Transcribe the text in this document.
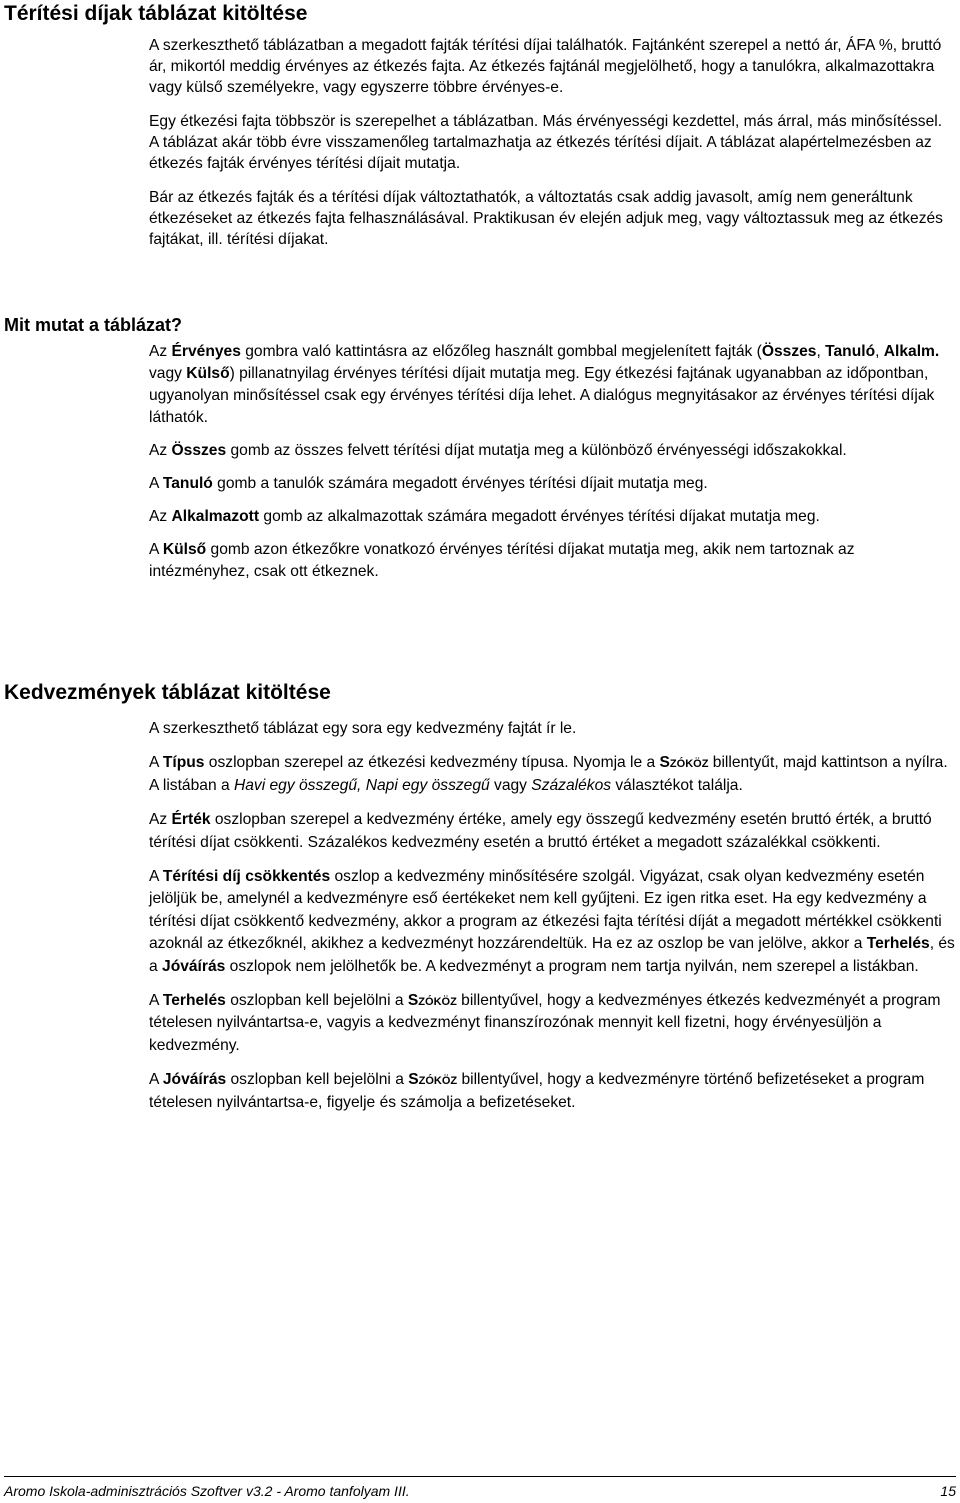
Térítési díjak táblázat kitöltése

A szerkeszthető táblázatban a megadott fajták térítési díjai találhatók. Fajtánként szerepel a nettó ár, ÁFA %, bruttó ár, mikortól meddig érvényes az étkezés fajta. Az étkezés fajtánál megjelölhető, hogy a tanulókra, alkalmazottakra vagy külső személyekre, vagy egyszerre többre érvényes-e.

Egy étkezési fajta többször is szerepelhet a táblázatban. Más érvényességi kezdettel, más árral, más minősítéssel. A táblázat akár több évre visszamenőleg tartalmazhatja az étkezés térítési díjait. A táblázat alapértelmezésben az étkezés fajták érvényes térítési díjait mutatja.

Bár az étkezés fajták és a térítési díjak változtathatók, a változtatás csak addig javasolt, amíg nem generáltunk étkezéseket az étkezés fajta felhasználásával. Praktikusan év elején adjuk meg, vagy változtassuk meg az étkezés fajtákat, ill. térítési díjakat.

Mit mutat a táblázat?

Az Érvényes gombra való kattintásra az előzőleg használt gombbal megjelenített fajták (Összes, Tanuló, Alkalm. vagy Külső) pillanatnyilag érvényes térítési díjait mutatja meg. Egy étkezési fajtának ugyanabban az időpontban, ugyanolyan minősítéssel csak egy érvényes térítési díja lehet. A dialógus megnyitásakor az érvényes térítési díjak láthatók.

Az Összes gomb az összes felvett térítési díjat mutatja meg a különböző érvényességi időszakokkal.

A Tanuló gomb a tanulók számára megadott érvényes térítési díjait mutatja meg.

Az Alkalmazott gomb az alkalmazottak számára megadott érvényes térítési díjakat mutatja meg.

A Külső gomb azon étkezőkre vonatkozó érvényes térítési díjakat mutatja meg, akik nem tartoznak az intézményhez, csak ott étkeznek.

Kedvezmények táblázat kitöltése

A szerkeszthető táblázat egy sora egy kedvezmény fajtát ír le.

A Típus oszlopban szerepel az étkezési kedvezmény típusa. Nyomja le a Szóköz billentyűt, majd kattintson a nyílra. A listában a Havi egy összegű, Napi egy összegű vagy Százalékos választékot találja.

Az Érték oszlopban szerepel a kedvezmény értéke, amely egy összegű kedvezmény esetén bruttó érték, a bruttó térítési díjat csökkenti. Százalékos kedvezmény esetén a bruttó értéket a megadott százalékkal csökkenti.

A Térítési díj csökkentés oszlop a kedvezmény minősítésére szolgál. Vigyázat, csak olyan kedvezmény esetén jelöljük be, amelynél a kedvezményre eső éertékeket nem kell gyűjteni. Ez igen ritka eset. Ha egy kedvezmény a térítési díjat csökkentő kedvezmény, akkor a program az étkezési fajta térítési díját a megadott mértékkel csökkenti azoknál az étkezőknél, akikhez a kedvezményt hozzárendeltük. Ha ez az oszlop be van jelölve, akkor a Terhelés, és a Jóváírás oszlopok nem jelölhetők be. A kedvezményt a program nem tartja nyilván, nem szerepel a listákban.

A Terhelés oszlopban kell bejelölni a Szóköz billentyűvel, hogy a kedvezményes étkezés kedvezményét a program tételesen nyilvántartsa-e, vagyis a kedvezményt finanszírozónak mennyit kell fizetni, hogy érvényesüljön a kedvezmény.

A Jóváírás oszlopban kell bejelölni a Szóköz billentyűvel, hogy a kedvezményre történő befizetéseket a program tételesen nyilvántartsa-e, figyelje és számolja a befizetéseket.

Aromo Iskola-adminisztrációs Szoftver v3.2 - Aromo tanfolyam III.	15
